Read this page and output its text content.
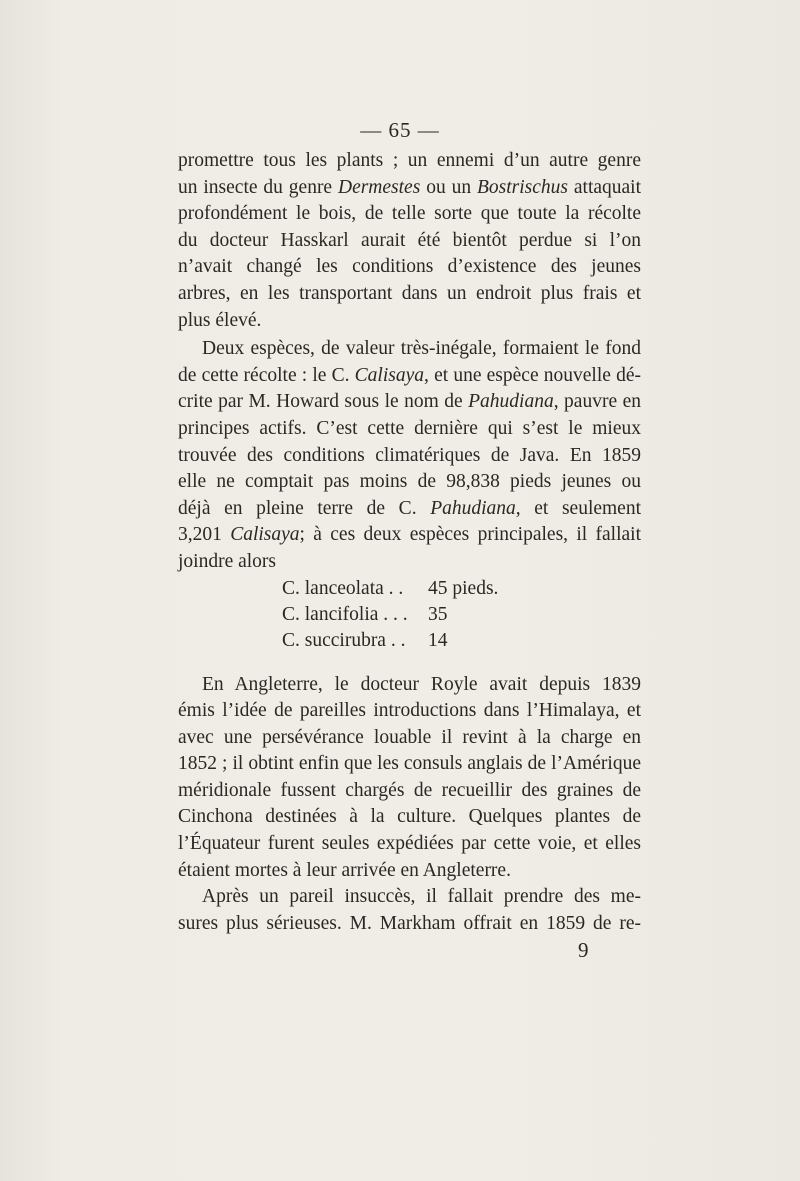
— 65 —
promettre tous les plants ; un ennemi d’un autre genre
un insecte du genre Dermestes ou un Bostrischus attaquait
profondément le bois, de telle sorte que toute la récolte
du docteur Hasskarl aurait été bientôt perdue si l’on
n’avait changé les conditions d’existence des jeunes
arbres, en les transportant dans un endroit plus frais et
plus élevé.
Deux espèces, de valeur très-inégale, formaient le fond
de cette récolte : le C. Calisaya, et une espèce nouvelle dé-
crite par M. Howard sous le nom de Pahudiana, pauvre en
principes actifs. C’est cette dernière qui s’est le mieux
trouvée des conditions climatériques de Java. En 1859
elle ne comptait pas moins de 98,838 pieds jeunes ou
déjà en pleine terre de C. Pahudiana, et seulement
3,201 Calisaya; à ces deux espèces principales, il fallait
joindre alors
C. lanceolata . . 45 pieds.
C. lancifolia . . . 35
C. succirubra . . 14
En Angleterre, le docteur Royle avait depuis 1839
émis l’idée de pareilles introductions dans l’Himalaya, et
avec une persévérance louable il revint à la charge en
1852 ; il obtint enfin que les consuls anglais de l’Amérique
méridionale fussent chargés de recueillir des graines de
Cinchona destinées à la culture. Quelques plantes de
l’Équateur furent seules expédiées par cette voie, et elles
étaient mortes à leur arrivée en Angleterre.
Après un pareil insuccès, il fallait prendre des me-
sures plus sérieuses. M. Markham offrait en 1859 de re-
9
